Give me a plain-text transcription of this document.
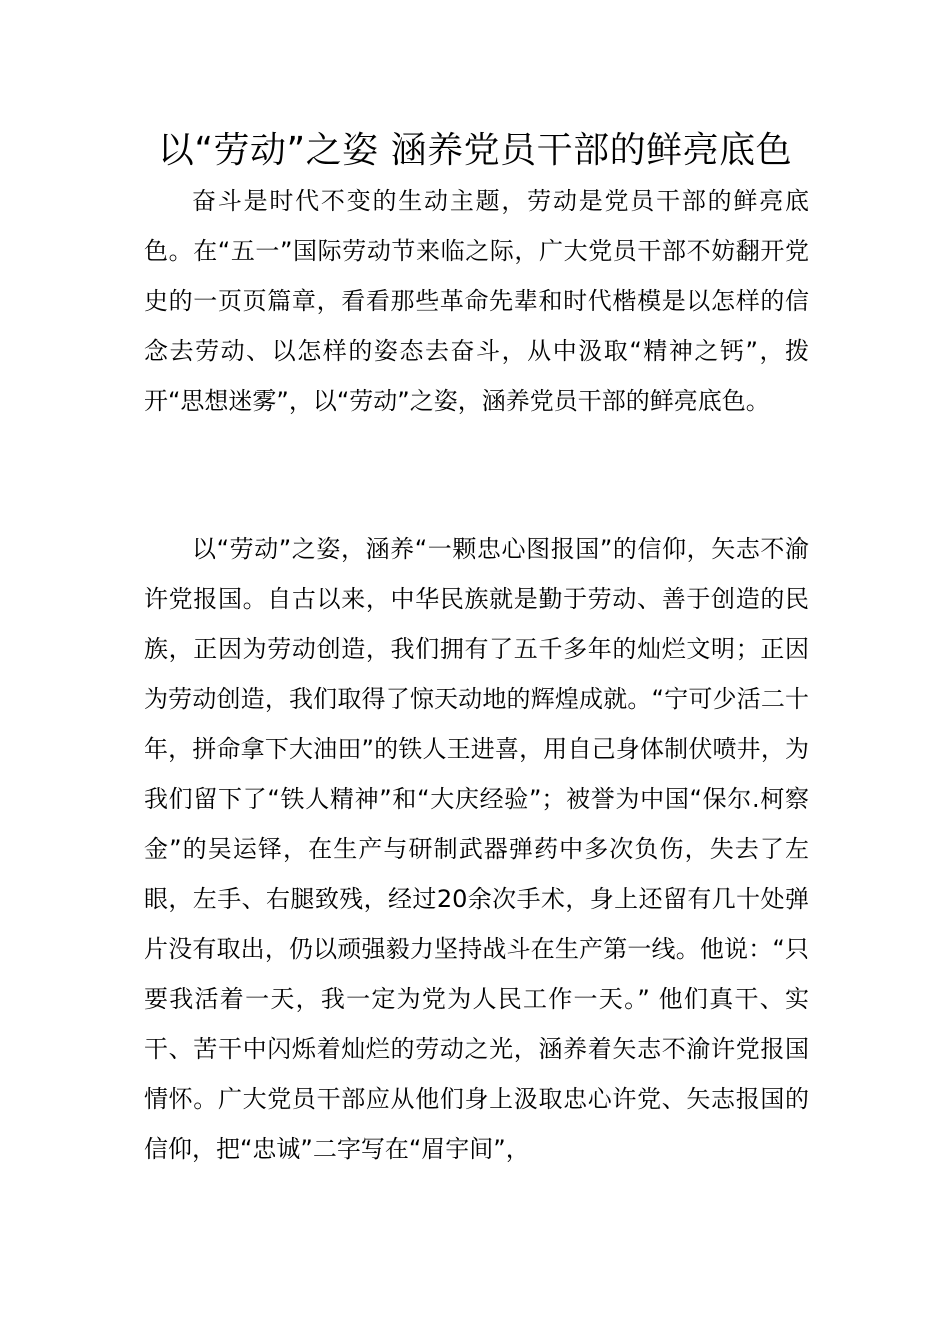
以“劳动”之姿 涵养党员干部的鲜亮底色

奋斗是时代不变的生动主题，劳动是党员干部的鲜亮底色。在“五一”国际劳动节来临之际，广大党员干部不妨翻开党史的一页页篇章，看看那些革命先辈和时代楷模是以怎样的信念去劳动、以怎样的姿态去奋斗，从中汲取“精神之钙”，拨开“思想迷雾”，以“劳动”之姿，涵养党员干部的鲜亮底色。

以“劳动”之姿，涵养“一颗忠心图报国”的信仰，矢志不渝许党报国。自古以来，中华民族就是勤于劳动、善于创造的民族，正因为劳动创造，我们拥有了五千多年的灿烂文明；正因为劳动创造，我们取得了惊天动地的辉煌成就。“宁可少活二十年，拼命拿下大油田”的铁人王进喜，用自己身体制伏喷井，为我们留下了“铁人精神”和“大庆经验”；被誉为中国“保尔.柯察金”的吴运铎，在生产与研制武器弹药中多次负伤，失去了左眼，左手、右腿致残，经过20余次手术，身上还留有几十处弹片没有取出，仍以顽强毅力坚持战斗在生产第一线。他说：“只要我活着一天，我一定为党为人民工作一天。” 他们真干、实干、苦干中闪烁着灿烂的劳动之光，涵养着矢志不渝许党报国情怀。广大党员干部应从他们身上汲取忠心许党、矢志报国的信仰，把“忠诚”二字写在“眉宇间”，
